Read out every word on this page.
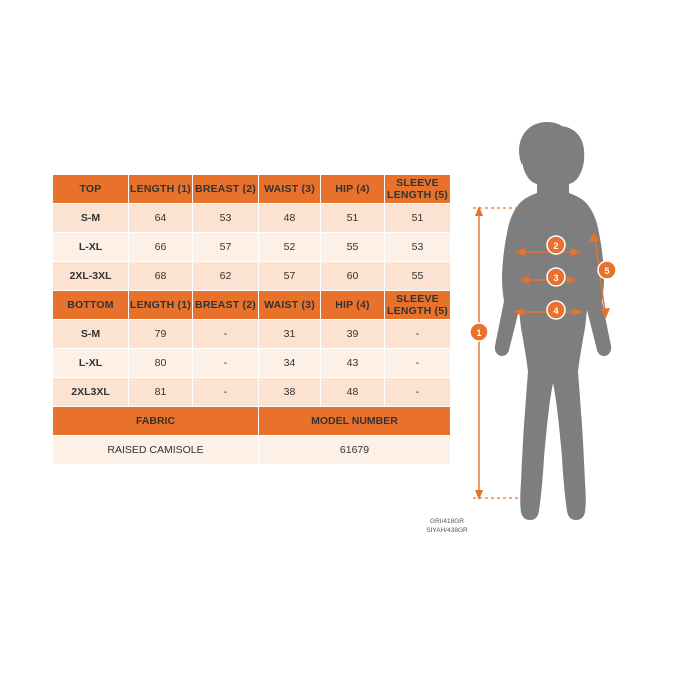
TOP	LENGTH (1)	BREAST (2)	WAIST (3)	HIP (4)	SLEEVE LENGTH (5)
S-M	64	53	48	51	51
L-XL	66	57	52	55	53
2XL-3XL	68	62	57	60	55
BOTTOM	LENGTH (1)	BREAST (2)	WAIST (3)	HIP (4)	SLEEVE LENGTH (5)
S-M	79	-	31	39	-
L-XL	80	-	34	43	-
2XL3XL	81	-	38	48	-
FABRIC			MODEL NUMBER		
RAISED CAMISOLE			61679		
1
2
3
4
5
GRI/418GR
SIYAH/438GR
